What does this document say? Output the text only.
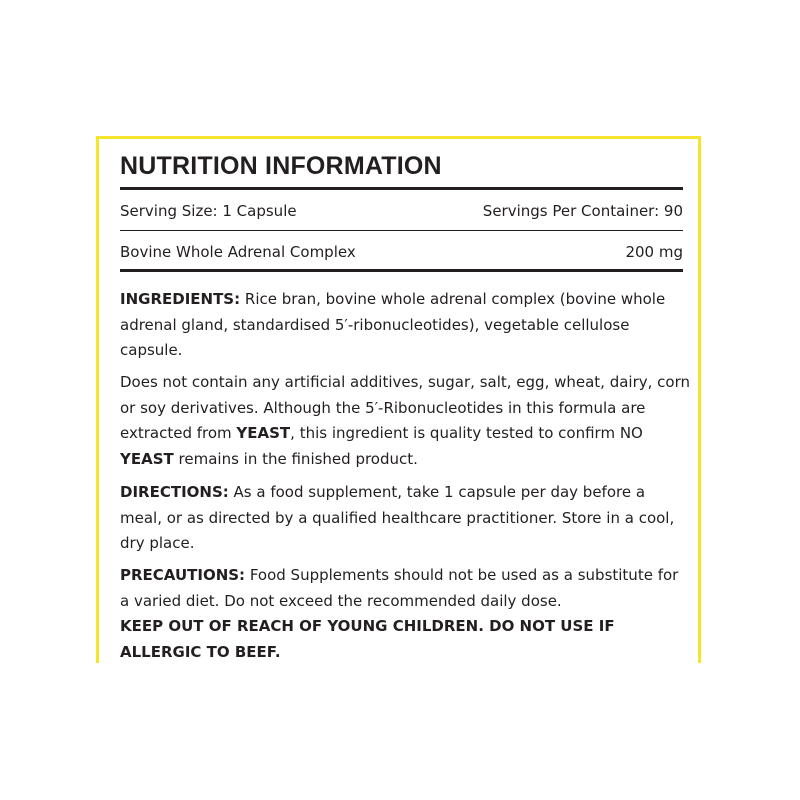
NUTRITION INFORMATION
Serving Size: 1 Capsule	Servings Per Container: 90
Bovine Whole Adrenal Complex	200 mg

INGREDIENTS: Rice bran, bovine whole adrenal complex (bovine whole adrenal gland, standardised 5′-ribonucleotides), vegetable cellulose capsule.

Does not contain any artificial additives, sugar, salt, egg, wheat, dairy, corn or soy derivatives. Although the 5′-Ribonucleotides in this formula are extracted from YEAST, this ingredient is quality tested to confirm NO YEAST remains in the finished product.

DIRECTIONS: As a food supplement, take 1 capsule per day before a meal, or as directed by a qualified healthcare practitioner. Store in a cool, dry place.

PRECAUTIONS: Food Supplements should not be used as a substitute for a varied diet. Do not exceed the recommended daily dose.
KEEP OUT OF REACH OF YOUNG CHILDREN. DO NOT USE IF ALLERGIC TO BEEF.
